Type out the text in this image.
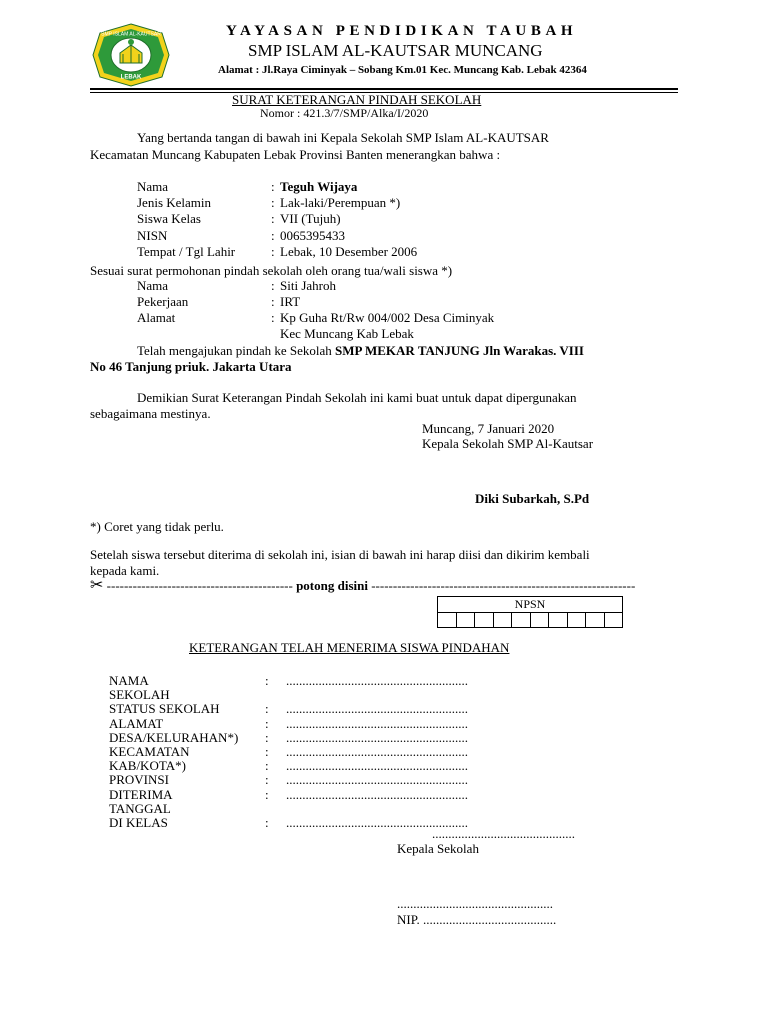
SMP ISLAM AL-KAUTSAR
LEBAK
YAYASAN PENDIDIKAN TAUBAH
SMP ISLAM AL-KAUTSAR MUNCANG
Alamat : Jl.Raya Ciminyak – Sobang Km.01 Kec. Muncang Kab. Lebak 42364
SURAT KETERANGAN PINDAH SEKOLAH
Nomor : 421.3/7/SMP/Alka/I/2020
Yang bertanda tangan di bawah ini Kepala Sekolah SMP Islam AL-KAUTSAR
Kecamatan Muncang Kabupaten Lebak Provinsi Banten menerangkan bahwa :
Nama	: Teguh Wijaya
Jenis Kelamin	: Lak-laki/Perempuan *)
Siswa Kelas	: VII (Tujuh)
NISN	: 0065395433
Tempat / Tgl Lahir	: Lebak, 10 Desember 2006
Sesuai surat permohonan pindah sekolah oleh orang tua/wali siswa *)
Nama	: Siti Jahroh
Pekerjaan	: IRT
Alamat	: Kp Guha Rt/Rw 004/002 Desa Ciminyak
Kec Muncang Kab Lebak
Telah mengajukan pindah ke Sekolah SMP MEKAR TANJUNG Jln Warakas. VIII
No 46 Tanjung priuk. Jakarta Utara
Demikian Surat Keterangan Pindah Sekolah ini kami buat untuk dapat dipergunakan
sebagaimana mestinya.
Muncang, 7 Januari 2020
Kepala Sekolah SMP Al-Kautsar
Diki Subarkah, S.Pd
*) Coret yang tidak perlu.
Setelah siswa tersebut diterima di sekolah ini, isian di bawah ini harap diisi dan dikirim kembali
kepada kami.
✂ ------------------------------------------- potong disini -------------------------------------------------------------
NPSN

KETERANGAN TELAH MENERIMA SISWA PINDAHAN
NAMA	: ........................................................
SEKOLAH
STATUS SEKOLAH	: ........................................................
ALAMAT	: ........................................................
DESA/KELURAHAN*) : ........................................................
KECAMATAN	: ........................................................
KAB/KOTA*)	: ........................................................
PROVINSI	: ........................................................
DITERIMA	: ........................................................
TANGGAL
DI KELAS	: ........................................................
............................................
Kepala Sekolah
................................................
NIP. .........................................
